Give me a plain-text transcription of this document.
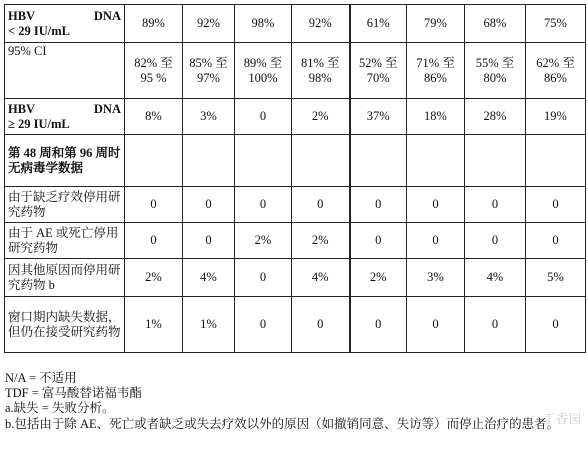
HBV DNA
< 29 IU/mL	89%	92%	98%	92%	61%	79%	68%	75%
95% CI	82% 至 95 %	85% 至 97%	89% 至 100%	81% 至 98%	52% 至 70%	71% 至 86%	55% 至 80%	62% 至 86%

HBV DNA
≥ 29 IU/mL	8%	3%	0	2%	37%	18%	28%	19%
第 48 周和第 96 周时无病毒学数据								
由于缺乏疗效停用研究药物	0	0	0	0	0	0	0	0
由于 AE 或死亡停用研究药物	0	0	2%	2%	0	0	0	0
因其他原因而停用研究药物 b	2%	4%	0	4%	2%	3%	4%	5%
窗口期内缺失数据，但仍在接受研究药物	1%	1%	0	0	0	0	0	0
N/A = 不适用
TDF = 富马酸替诺福韦酯
a.缺失 = 失败分析。
b.包括由于除 AE、死亡或者缺乏或失去疗效以外的原因（如撤销同意、失访等）而停止治疗的患者。
丁香园
